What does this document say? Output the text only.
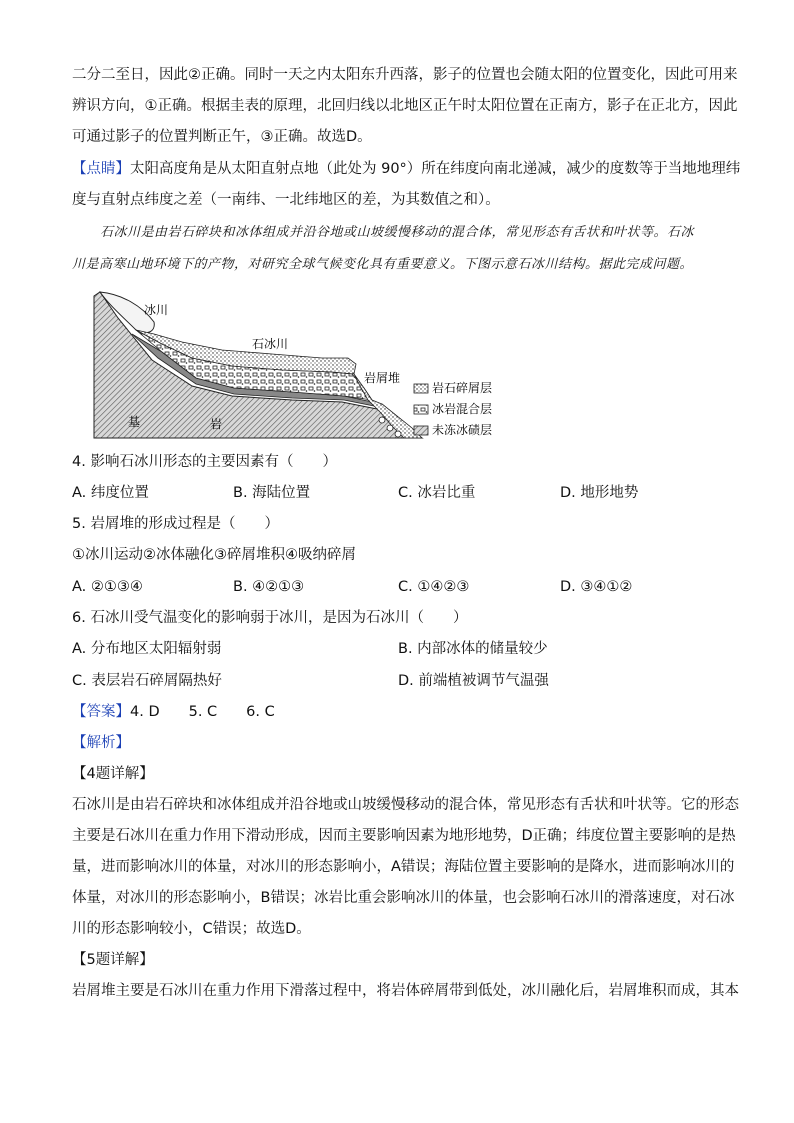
二分二至日，因此②正确。同时一天之内太阳东升西落，影子的位置也会随太阳的位置变化，因此可用来
辨识方向，①正确。根据圭表的原理，北回归线以北地区正午时太阳位置在正南方，影子在正北方，因此
可通过影子的位置判断正午，③正确。故选D。
【点睛】太阳高度角是从太阳直射点地（此处为 90°）所在纬度向南北递减，减少的度数等于当地地理纬
度与直射点纬度之差（一南纬、一北纬地区的差，为其数值之和）。
石冰川是由岩石碎块和冰体组成并沿谷地或山坡缓慢移动的混合体，常见形态有舌状和叶状等。石冰
川是高寒山地环境下的产物，对研究全球气候变化具有重要意义。下图示意石冰川结构。据此完成问题。
冰川
石冰川
岩屑堆
基	岩
岩石碎屑层
冰岩混合层
未冻冰碛层
4. 影响石冰川形态的主要因素有（　　）
A. 纬度位置	B. 海陆位置	C. 冰岩比重	D. 地形地势
5. 岩屑堆的形成过程是（　　）
①冰川运动②冰体融化③碎屑堆积④吸纳碎屑
A. ②①③④	B. ④②①③	C. ①④②③	D. ③④①②
6. 石冰川受气温变化的影响弱于冰川，是因为石冰川（　　）
A. 分布地区太阳辐射弱	B. 内部冰体的储量较少
C. 表层岩石碎屑隔热好	D. 前端植被调节气温强
【答案】4. D　　5. C　　6. C
【解析】
【4题详解】
石冰川是由岩石碎块和冰体组成并沿谷地或山坡缓慢移动的混合体，常见形态有舌状和叶状等。它的形态
主要是石冰川在重力作用下滑动形成，因而主要影响因素为地形地势，D正确；纬度位置主要影响的是热
量，进而影响冰川的体量，对冰川的形态影响小，A错误；海陆位置主要影响的是降水，进而影响冰川的
体量，对冰川的形态影响小，B错误；冰岩比重会影响冰川的体量，也会影响石冰川的滑落速度，对石冰
川的形态影响较小，C错误；故选D。
【5题详解】
岩屑堆主要是石冰川在重力作用下滑落过程中，将岩体碎屑带到低处，冰川融化后，岩屑堆积而成，其本
